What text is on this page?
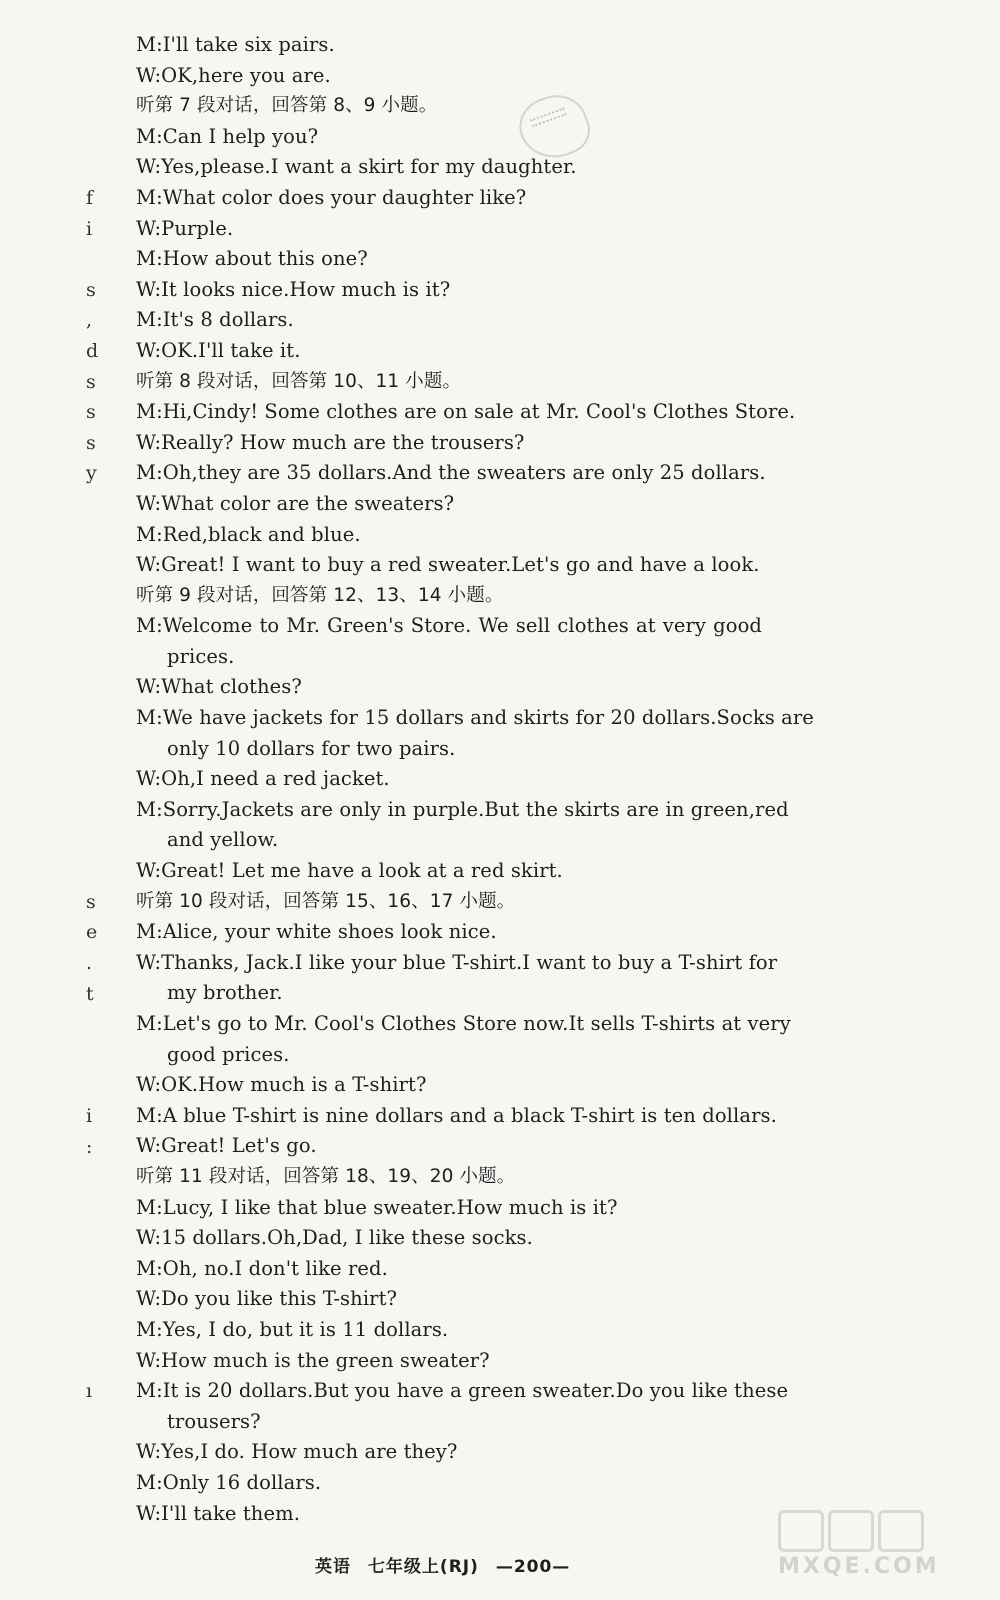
f
i
s
,
d
s
s
s
y
s
e
.
t
i
:
ı
M:I'll take six pairs.
W:OK,here you are.
听第 7 段对话，回答第 8、9 小题。
M:Can I help you?
W:Yes,please.I want a skirt for my daughter.
M:What color does your daughter like?
W:Purple.
M:How about this one?
W:It looks nice.How much is it?
M:It's 8 dollars.
W:OK.I'll take it.
听第 8 段对话，回答第 10、11 小题。
M:Hi,Cindy! Some clothes are on sale at Mr. Cool's Clothes Store.
W:Really? How much are the trousers?
M:Oh,they are 35 dollars.And the sweaters are only 25 dollars.
W:What color are the sweaters?
M:Red,black and blue.
W:Great! I want to buy a red sweater.Let's go and have a look.
听第 9 段对话，回答第 12、13、14 小题。
M:Welcome to Mr. Green's Store. We sell clothes at very good
prices.
W:What clothes?
M:We have jackets for 15 dollars and skirts for 20 dollars.Socks are
only 10 dollars for two pairs.
W:Oh,I need a red jacket.
M:Sorry.Jackets are only in purple.But the skirts are in green,red
and yellow.
W:Great! Let me have a look at a red skirt.
听第 10 段对话，回答第 15、16、17 小题。
M:Alice, your white shoes look nice.
W:Thanks, Jack.I like your blue T-shirt.I want to buy a T-shirt for
my brother.
M:Let's go to Mr. Cool's Clothes Store now.It sells T-shirts at very
good prices.
W:OK.How much is a T-shirt?
M:A blue T-shirt is nine dollars and a black T-shirt is ten dollars.
W:Great! Let's go.
听第 11 段对话，回答第 18、19、20 小题。
M:Lucy, I like that blue sweater.How much is it?
W:15 dollars.Oh,Dad, I like these socks.
M:Oh, no.I don't like red.
W:Do you like this T-shirt?
M:Yes, I do, but it is 11 dollars.
W:How much is the green sweater?
M:It is 20 dollars.But you have a green sweater.Do you like these
trousers?
W:Yes,I do. How much are they?
M:Only 16 dollars.
W:I'll take them.
英语 七年级上(RJ) —200—	MXQE.COM
